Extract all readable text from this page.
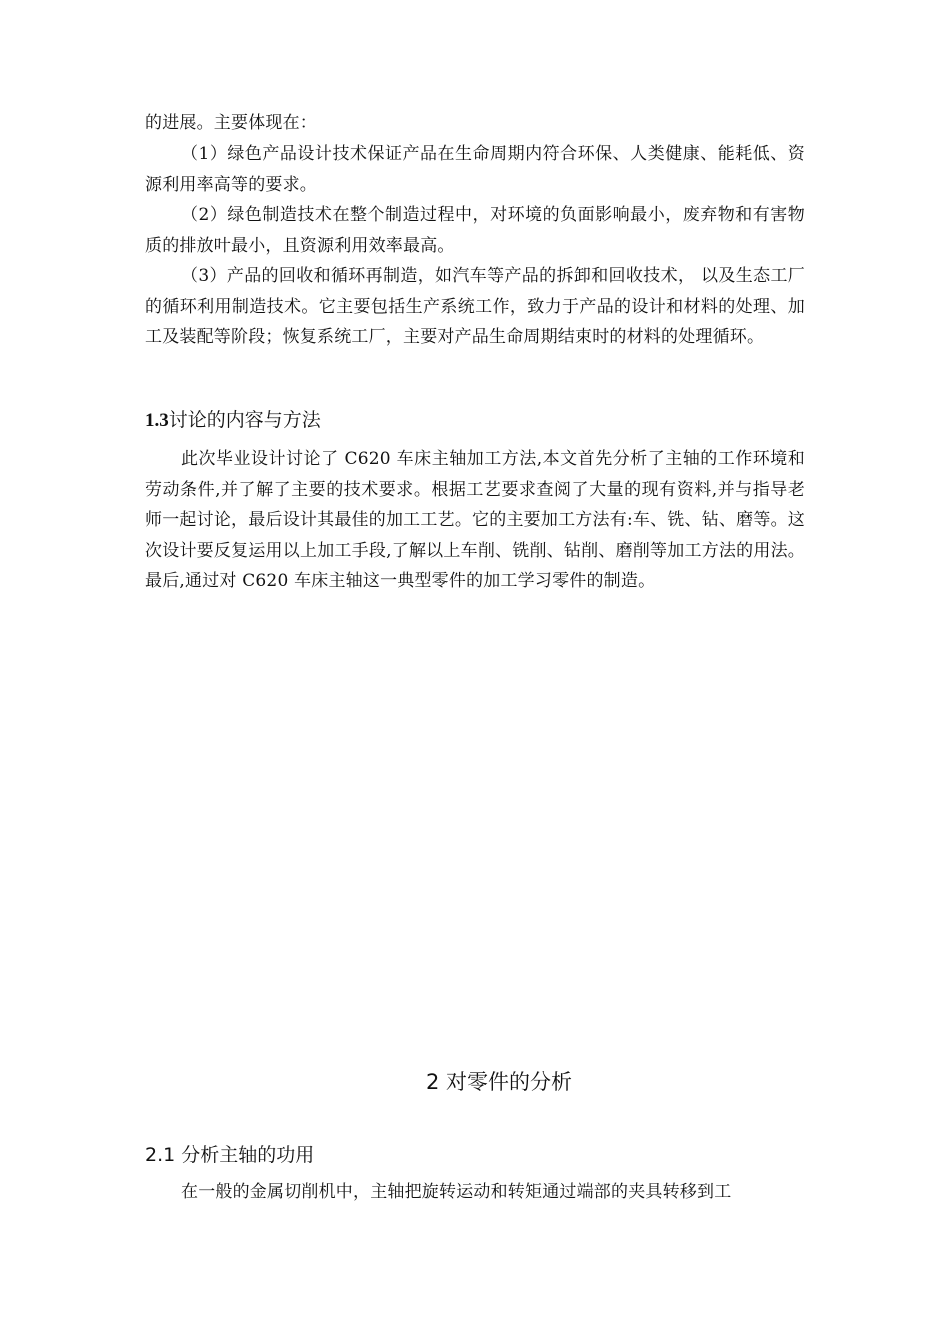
的进展。主要体现在：

（1）绿色产品设计技术保证产品在生命周期内符合环保、人类健康、能耗低、资源利用率高等的要求。

（2）绿色制造技术在整个制造过程中，对环境的负面影响最小，废弃物和有害物质的排放叶最小，且资源利用效率最高。

（3）产品的回收和循环再制造，如汽车等产品的拆卸和回收技术， 以及生态工厂的循环利用制造技术。它主要包括生产系统工作，致力于产品的设计和材料的处理、加工及装配等阶段；恢复系统工厂，主要对产品生命周期结束时的材料的处理循环。

1.3讨论的内容与方法

此次毕业设计讨论了 C620 车床主轴加工方法,本文首先分析了主轴的工作环境和劳动条件,并了解了主要的技术要求。根据工艺要求查阅了大量的现有资料,并与指导老师一起讨论，最后设计其最佳的加工工艺。它的主要加工方法有:车、铣、钻、磨等。这次设计要反复运用以上加工手段,了解以上车削、铣削、钻削、磨削等加工方法的用法。最后,通过对 C620 车床主轴这一典型零件的加工学习零件的制造。

2 对零件的分析
2.1 分析主轴的功用

在一般的金属切削机中，主轴把旋转运动和转矩通过端部的夹具转移到工
